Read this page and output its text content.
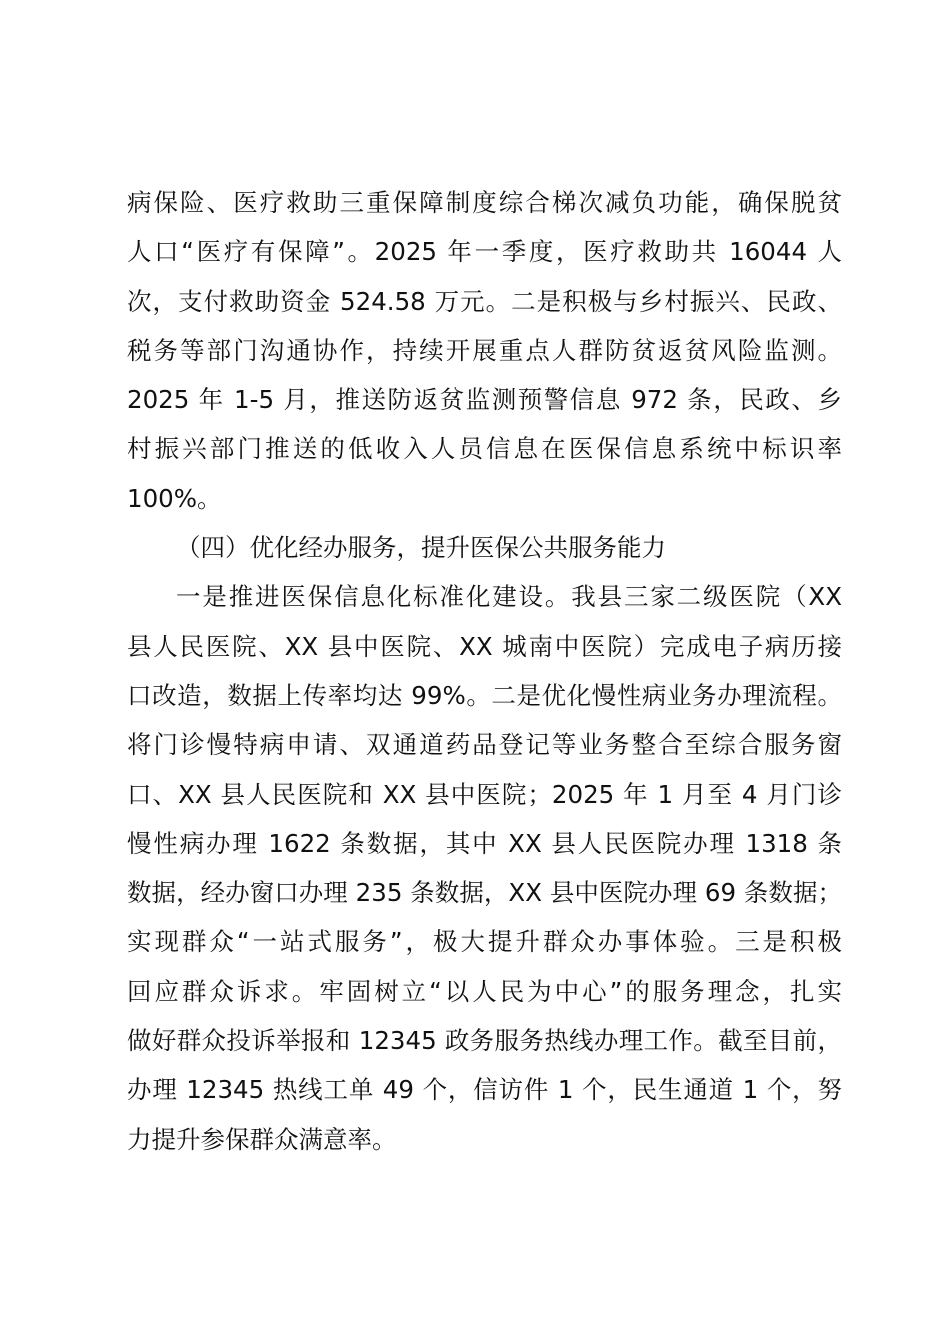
病保险、医疗救助三重保障制度综合梯次减负功能，确保脱贫
人口“医疗有保障”。2025 年一季度，医疗救助共 16044 人
次，支付救助资金 524.58 万元。二是积极与乡村振兴、民政、
税务等部门沟通协作，持续开展重点人群防贫返贫风险监测。
2025 年 1-5 月，推送防返贫监测预警信息 972 条，民政、乡
村振兴部门推送的低收入人员信息在医保信息系统中标识率
100%。
（四）优化经办服务，提升医保公共服务能力
一是推进医保信息化标准化建设。我县三家二级医院（XX
县人民医院、XX 县中医院、XX 城南中医院）完成电子病历接
口改造，数据上传率均达 99%。二是优化慢性病业务办理流程。
将门诊慢特病申请、双通道药品登记等业务整合至综合服务窗
口、XX 县人民医院和 XX 县中医院；2025 年 1 月至 4 月门诊
慢性病办理 1622 条数据，其中 XX 县人民医院办理 1318 条
数据，经办窗口办理 235 条数据，XX 县中医院办理 69 条数据；
实现群众“一站式服务”，极大提升群众办事体验。三是积极
回应群众诉求。牢固树立“以人民为中心”的服务理念，扎实
做好群众投诉举报和 12345 政务服务热线办理工作。截至目前，
办理 12345 热线工单 49 个，信访件 1 个，民生通道 1 个，努
力提升参保群众满意率。
